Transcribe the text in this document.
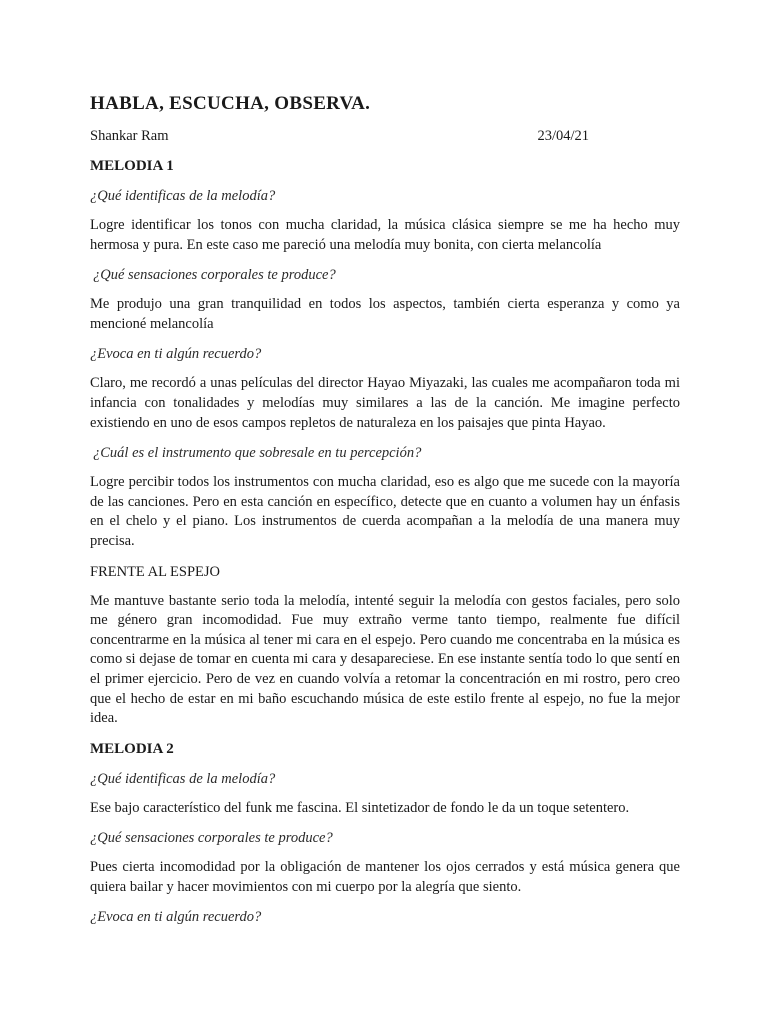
HABLA, ESCUCHA, OBSERVA.
Shankar Ram	23/04/21
MELODIA 1
¿Qué identificas de la melodía?
Logre identificar los tonos con mucha claridad, la música clásica siempre se me ha hecho muy hermosa y pura. En este caso me pareció una melodía muy bonita, con cierta melancolía
¿Qué sensaciones corporales te produce?
Me produjo una gran tranquilidad en todos los aspectos, también cierta esperanza y como ya mencioné melancolía
¿Evoca en ti algún recuerdo?
Claro, me recordó a unas películas del director Hayao Miyazaki, las cuales me acompañaron toda mi infancia con tonalidades y melodías muy similares a las de la canción. Me imagine perfecto existiendo en uno de esos campos repletos de naturaleza en los paisajes que pinta Hayao.
¿Cuál es el instrumento que sobresale en tu percepción?
Logre percibir todos los instrumentos con mucha claridad, eso es algo que me sucede con la mayoría de las canciones. Pero en esta canción en específico, detecte que en cuanto a volumen hay un énfasis en el chelo y el piano. Los instrumentos de cuerda acompañan a la melodía de una manera muy precisa.
FRENTE AL ESPEJO
Me mantuve bastante serio toda la melodía, intenté seguir la melodía con gestos faciales, pero solo me género gran incomodidad. Fue muy extraño verme tanto tiempo, realmente fue difícil concentrarme en la música al tener mi cara en el espejo. Pero cuando me concentraba en la música es como si dejase de tomar en cuenta mi cara y desapareciese. En ese instante sentía todo lo que sentí en el primer ejercicio. Pero de vez en cuando volvía a retomar la concentración en mi rostro, pero creo que el hecho de estar en mi baño escuchando música de este estilo frente al espejo, no fue la mejor idea.
MELODIA 2
¿Qué identificas de la melodía?
Ese bajo característico del funk me fascina. El sintetizador de fondo le da un toque setentero.
¿Qué sensaciones corporales te produce?
Pues cierta incomodidad por la obligación de mantener los ojos cerrados y está música genera que quiera bailar y hacer movimientos con mi cuerpo por la alegría que siento.
¿Evoca en ti algún recuerdo?
